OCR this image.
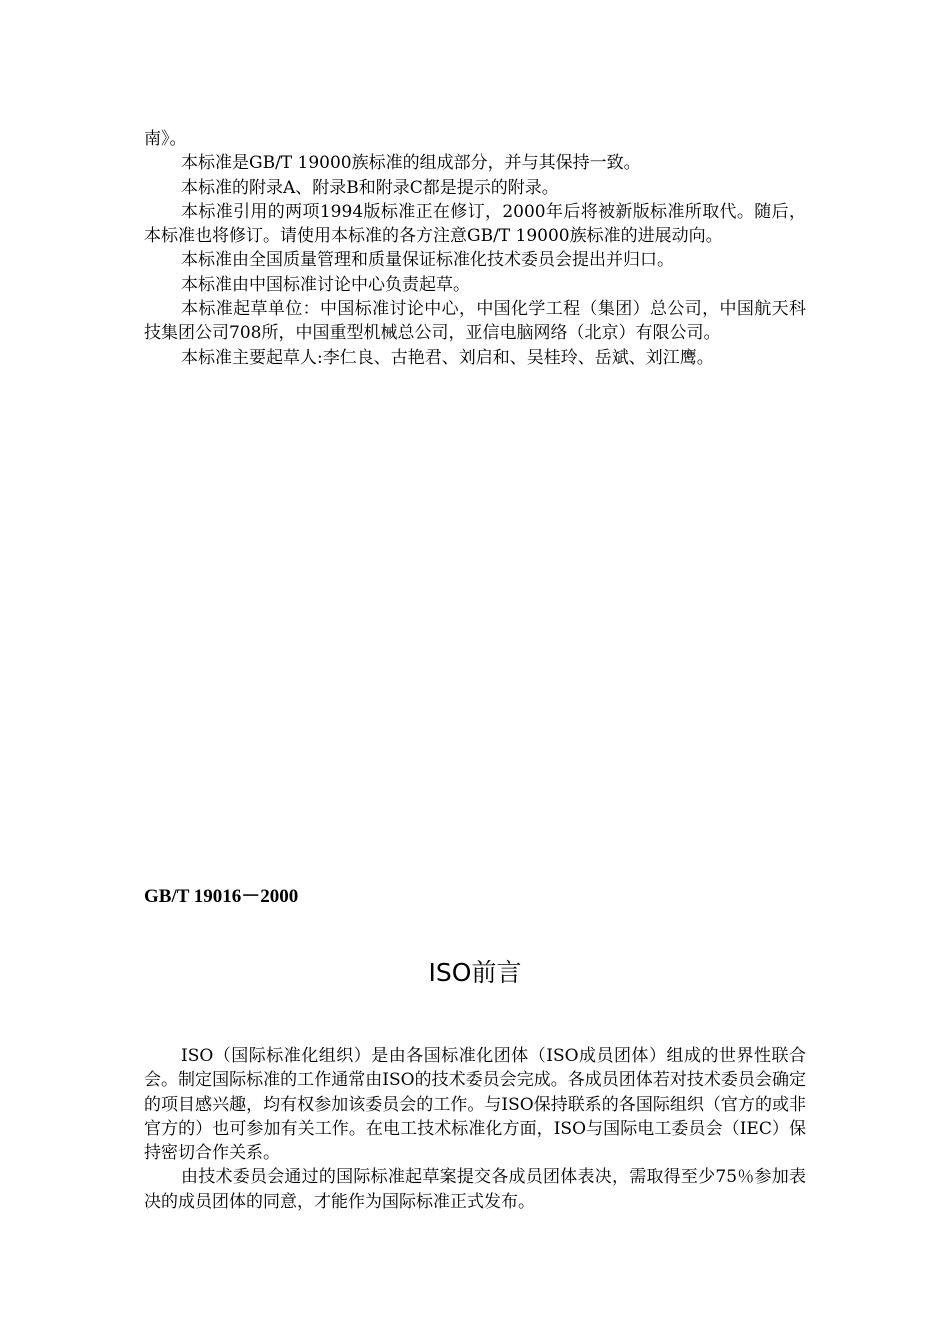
南》。

本标准是GB/T 19000族标准的组成部分，并与其保持一致。

本标准的附录A、附录B和附录C都是提示的附录。

本标准引用的两项1994版标准正在修订，2000年后将被新版标准所取代。随后，本标准也将修订。请使用本标准的各方注意GB/T 19000族标准的进展动向。

本标准由全国质量管理和质量保证标准化技术委员会提出并归口。

本标准由中国标准讨论中心负责起草。

本标准起草单位：中国标准讨论中心，中国化学工程（集团）总公司，中国航天科技集团公司708所，中国重型机械总公司，亚信电脑网络（北京）有限公司。

本标准主要起草人:李仁良、古艳君、刘启和、吴桂玲、岳斌、刘江鹰。

GB/T 19016－2000
ISO前言

ISO（国际标准化组织）是由各国标准化团体（ISO成员团体）组成的世界性联合会。制定国际标准的工作通常由ISO的技术委员会完成。各成员团体若对技术委员会确定的项目感兴趣，均有权参加该委员会的工作。与ISO保持联系的各国际组织（官方的或非官方的）也可参加有关工作。在电工技术标准化方面，ISO与国际电工委员会（IEC）保持密切合作关系。

由技术委员会通过的国际标准起草案提交各成员团体表决，需取得至少75％参加表决的成员团体的同意，才能作为国际标准正式发布。
